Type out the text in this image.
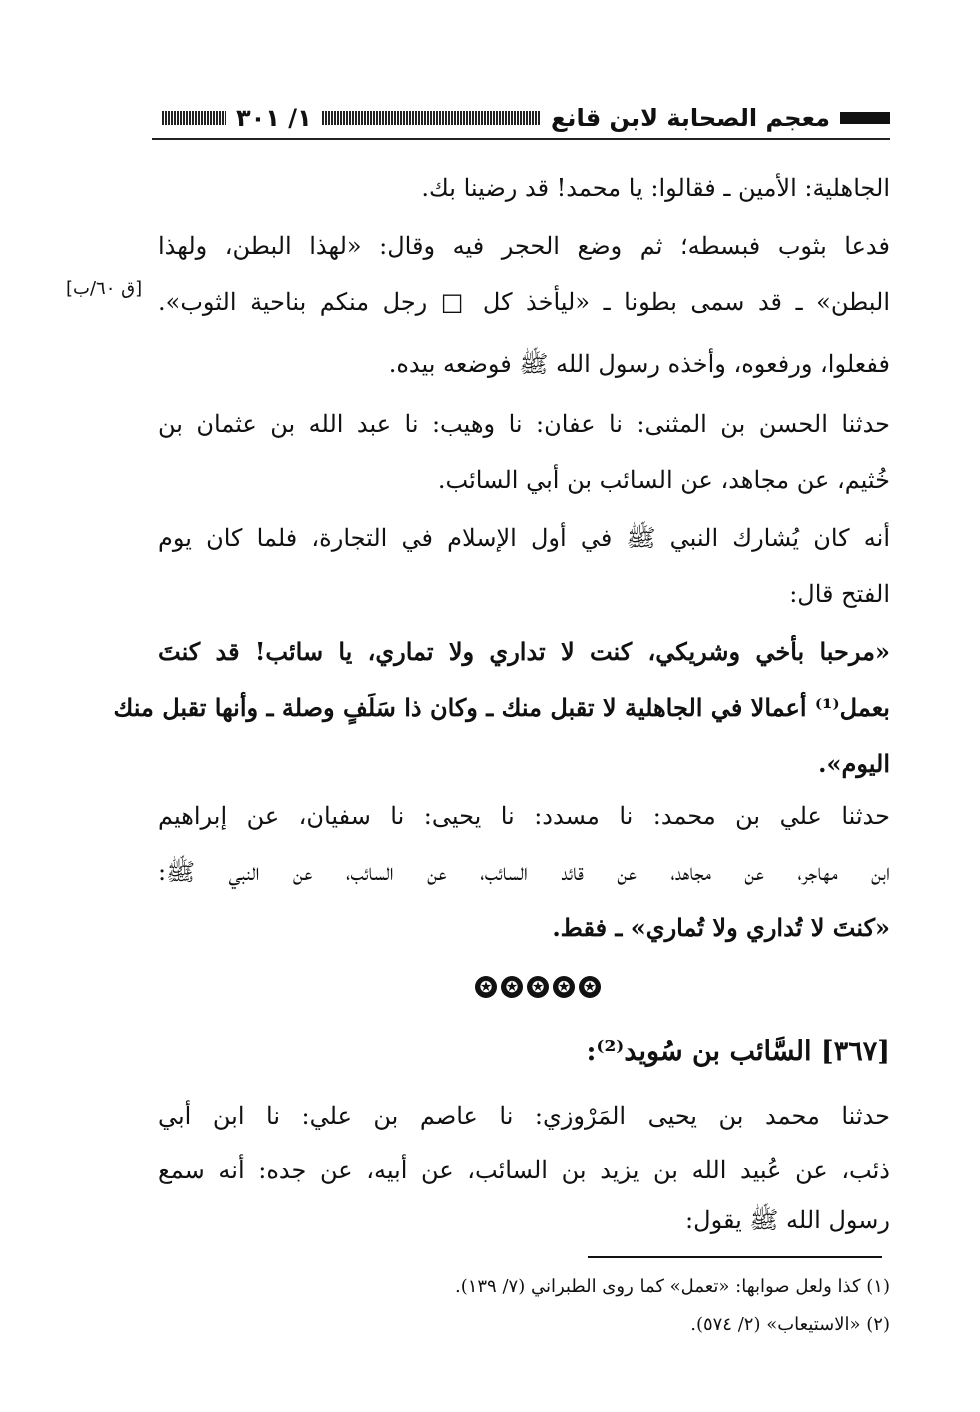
معجم الصحابة لابن قانع
١/ ٣٠١
الجاهلية: الأمين ـ فقالوا: يا محمد! قد رضينا بك.
فدعا بثوب فبسطه؛ ثم وضع الحجر فيه وقال: «لهذا البطن، ولهذا
البطن» ـ قد سمى بطونا ـ «ليأخذ كل □ رجل منكم بناحية الثوب».
[ق ٦٠/ب]
ففعلوا، ورفعوه، وأخذه رسول الله ﷺ فوضعه بيده.
حدثنا الحسن بن المثنى: نا عفان: نا وهيب: نا عبد الله بن عثمان بن
خُثيم، عن مجاهد، عن السائب بن أبي السائب.
أنه كان يُشارك النبي ﷺ في أول الإسلام في التجارة، فلما كان يوم
الفتح قال:
«مرحبا بأخي وشريكي، كنت لا تداري ولا تماري، يا سائب! قد كنتَ
بعمل⁽¹⁾ أعمالا في الجاهلية لا تقبل منك ـ وكان ذا سَلَفٍ وصلة ـ وأنها تقبل منك
اليوم».
حدثنا علي بن محمد: نا مسدد: نا يحيى: نا سفيان، عن إبراهيم
ابن مهاجر، عن مجاهد، عن قائد السائب، عن السائب، عن النبي ﷺ:
«كنتَ لا تُداري ولا تُماري» ـ فقط.
✪ ✪ ✪ ✪ ✪
[٣٦٧] السَّائب بن سُويد⁽²⁾:
حدثنا محمد بن يحيى المَرْوزي: نا عاصم بن علي: نا ابن أبي
ذئب، عن عُبيد الله بن يزيد بن السائب، عن أبيه، عن جده: أنه سمع
رسول الله ﷺ يقول:
(١) كذا ولعل صوابها: «تعمل» كما روى الطبراني (٧/ ١٣٩).
(٢) «الاستيعاب» (٢/ ٥٧٤).
